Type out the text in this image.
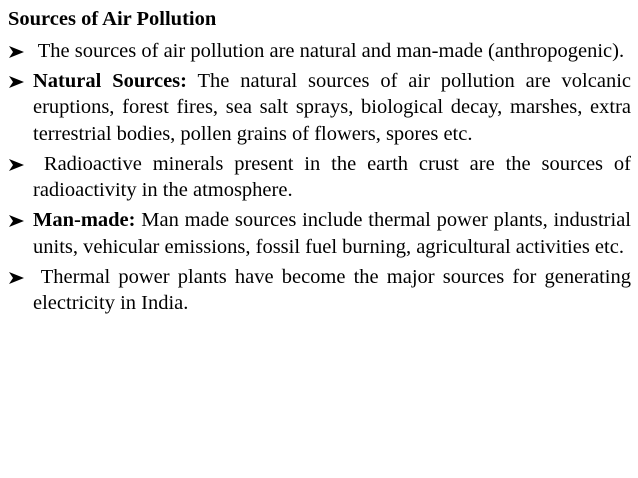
Sources of Air Pollution
The sources of air pollution are natural and man-made (anthropogenic).
Natural Sources: The natural sources of air pollution are volcanic eruptions, forest fires, sea salt sprays, biological decay, marshes, extra terrestrial bodies, pollen grains of flowers, spores etc.
Radioactive minerals present in the earth crust are the sources of radioactivity in the atmosphere.
Man-made: Man made sources include thermal power plants, industrial units, vehicular emissions, fossil fuel burning, agricultural activities etc.
Thermal power plants have become the major sources for generating electricity in India.
